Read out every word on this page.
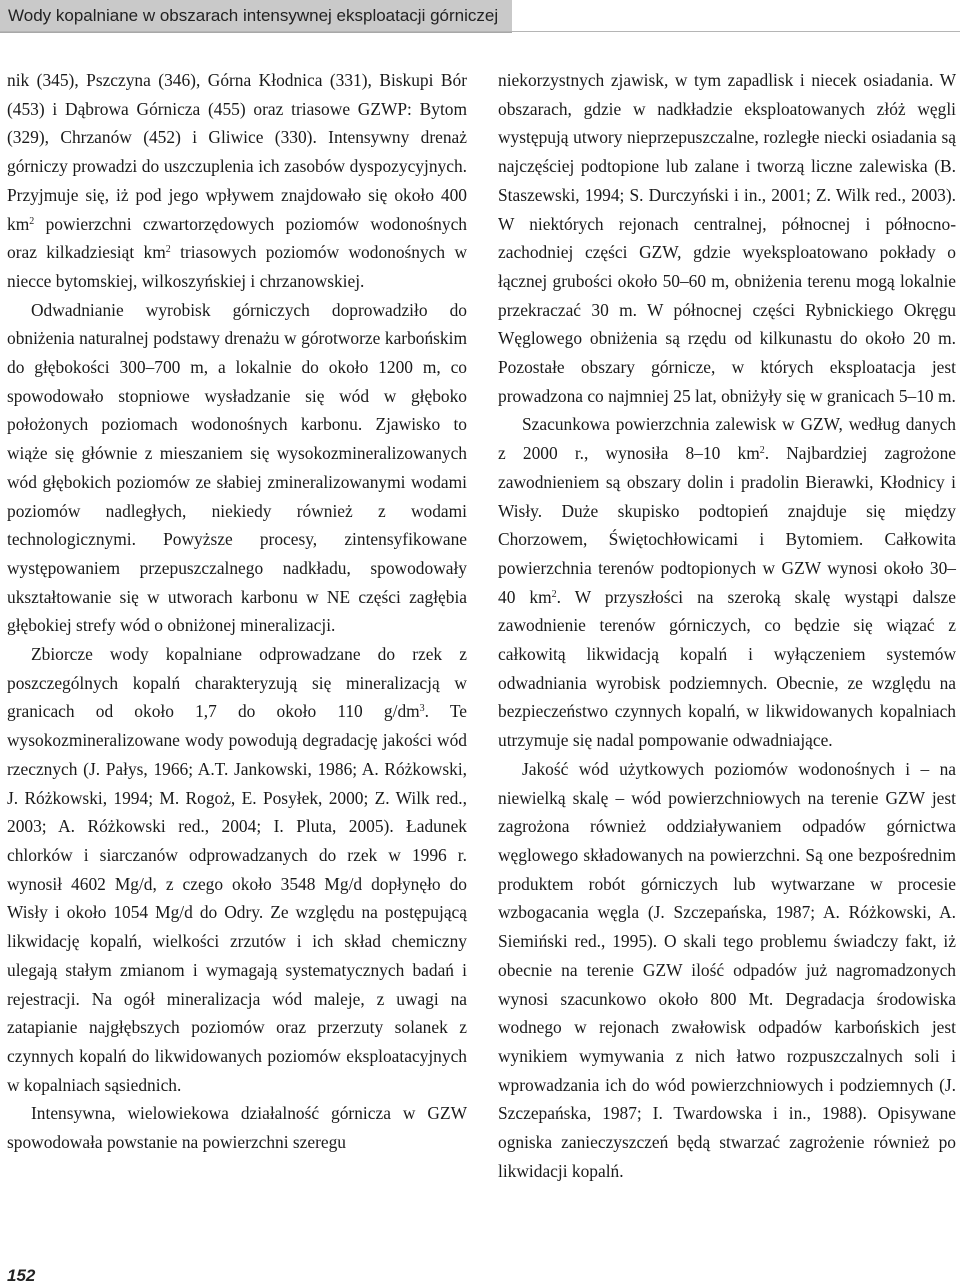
Wody kopalniane w obszarach intensywnej eksploatacji górniczej

nik (345), Pszczyna (346), Górna Kłodnica (331), Biskupi Bór (453) i Dąbrowa Górnicza (455) oraz triasowe GZWP: Bytom (329), Chrzanów (452) i Gliwice (330). Intensywny drenaż górniczy prowadzi do uszczuplenia ich zasobów dyspozycyjnych. Przyjmuje się, iż pod jego wpływem znajdowało się około 400 $km^2$ powierzchni czwartorzędowych poziomów wodonośnych oraz kilkadziesiąt $km^2$ triasowych poziomów wodonośnych w niecce bytomskiej, wilkoszyńskiej i chrzanowskiej.

Odwadnianie wyrobisk górniczych doprowadziło do obniżenia naturalnej podstawy drenażu w górotworze karbońskim do głębokości 300–700 m, a lokalnie do około 1200 m, co spowodowało stopniowe wysładzanie się wód w głęboko położonych poziomach wodonośnych karbonu. Zjawisko to wiąże się głównie z mieszaniem się wysokozmineralizowanych wód głębokich poziomów ze słabiej zmineralizowanymi wodami poziomów nadległych, niekiedy również z wodami technologicznymi. Powyższe procesy, zintensyfikowane występowaniem przepuszczalnego nadkładu, spowodowały ukształtowanie się w utworach karbonu w NE części zagłębia głębokiej strefy wód o obniżonej mineralizacji.

Zbiorcze wody kopalniane odprowadzane do rzek z poszczególnych kopalń charakteryzują się mineralizacją w granicach od około 1,7 do około 110 $g/dm^3$. Te wysokozmineralizowane wody powodują degradację jakości wód rzecznych (J. Pałys, 1966; A.T. Jankowski, 1986; A. Różkowski, J. Różkowski, 1994; M. Rogoż, E. Posyłek, 2000; Z. Wilk red., 2003; A. Różkowski red., 2004; I. Pluta, 2005). Ładunek chlorków i siarczanów odprowadzanych do rzek w 1996 r. wynosił 4602 Mg/d, z czego około 3548 Mg/d dopłynęło do Wisły i około 1054 Mg/d do Odry. Ze względu na postępującą likwidację kopalń, wielkości zrzutów i ich skład chemiczny ulegają stałym zmianom i wymagają systematycznych badań i rejestracji. Na ogół mineralizacja wód maleje, z uwagi na zatapianie najgłębszych poziomów oraz przerzuty solanek z czynnych kopalń do likwidowanych poziomów eksploatacyjnych w kopalniach sąsiednich.

Intensywna, wielowiekowa działalność górnicza w GZW spowodowała powstanie na powierzchni szeregu

niekorzystnych zjawisk, w tym zapadlisk i niecek osiadania. W obszarach, gdzie w nadkładzie eksploatowanych złóż węgli występują utwory nieprzepuszczalne, rozległe niecki osiadania są najczęściej podtopione lub zalane i tworzą liczne zalewiska (B. Staszewski, 1994; S. Durczyński i in., 2001; Z. Wilk red., 2003). W niektórych rejonach centralnej, północnej i północno-zachodniej części GZW, gdzie wyeksploatowano pokłady o łącznej grubości około 50–60 m, obniżenia terenu mogą lokalnie przekraczać 30 m. W północnej części Rybnickiego Okręgu Węglowego obniżenia są rzędu od kilkunastu do około 20 m. Pozostałe obszary górnicze, w których eksploatacja jest prowadzona co najmniej 25 lat, obniżyły się w granicach 5–10 m.

Szacunkowa powierzchnia zalewisk w GZW, według danych z 2000 r., wynosiła 8–10 $km^2$. Najbardziej zagrożone zawodnieniem są obszary dolin i pradolin Bierawki, Kłodnicy i Wisły. Duże skupisko podtopień znajduje się między Chorzowem, Świętochłowicami i Bytomiem. Całkowita powierzchnia terenów podtopionych w GZW wynosi około 30–40 $km^2$. W przyszłości na szeroką skalę wystąpi dalsze zawodnienie terenów górniczych, co będzie się wiązać z całkowitą likwidacją kopalń i wyłączeniem systemów odwadniania wyrobisk podziemnych. Obecnie, ze względu na bezpieczeństwo czynnych kopalń, w likwidowanych kopalniach utrzymuje się nadal pompowanie odwadniające.

Jakość wód użytkowych poziomów wodonośnych i – na niewielką skalę – wód powierzchniowych na terenie GZW jest zagrożona również oddziaływaniem odpadów górnictwa węglowego składowanych na powierzchni. Są one bezpośrednim produktem robót górniczych lub wytwarzane w procesie wzbogacania węgla (J. Szczepańska, 1987; A. Różkowski, A. Siemiński red., 1995). O skali tego problemu świadczy fakt, iż obecnie na terenie GZW ilość odpadów już nagromadzonych wynosi szacunkowo około 800 Mt. Degradacja środowiska wodnego w rejonach zwałowisk odpadów karbońskich jest wynikiem wymywania z nich łatwo rozpuszczalnych soli i wprowadzania ich do wód powierzchniowych i podziemnych (J. Szczepańska, 1987; I. Twardowska i in., 1988). Opisywane ogniska zanieczyszczeń będą stwarzać zagrożenie również po likwidacji kopalń.

152
